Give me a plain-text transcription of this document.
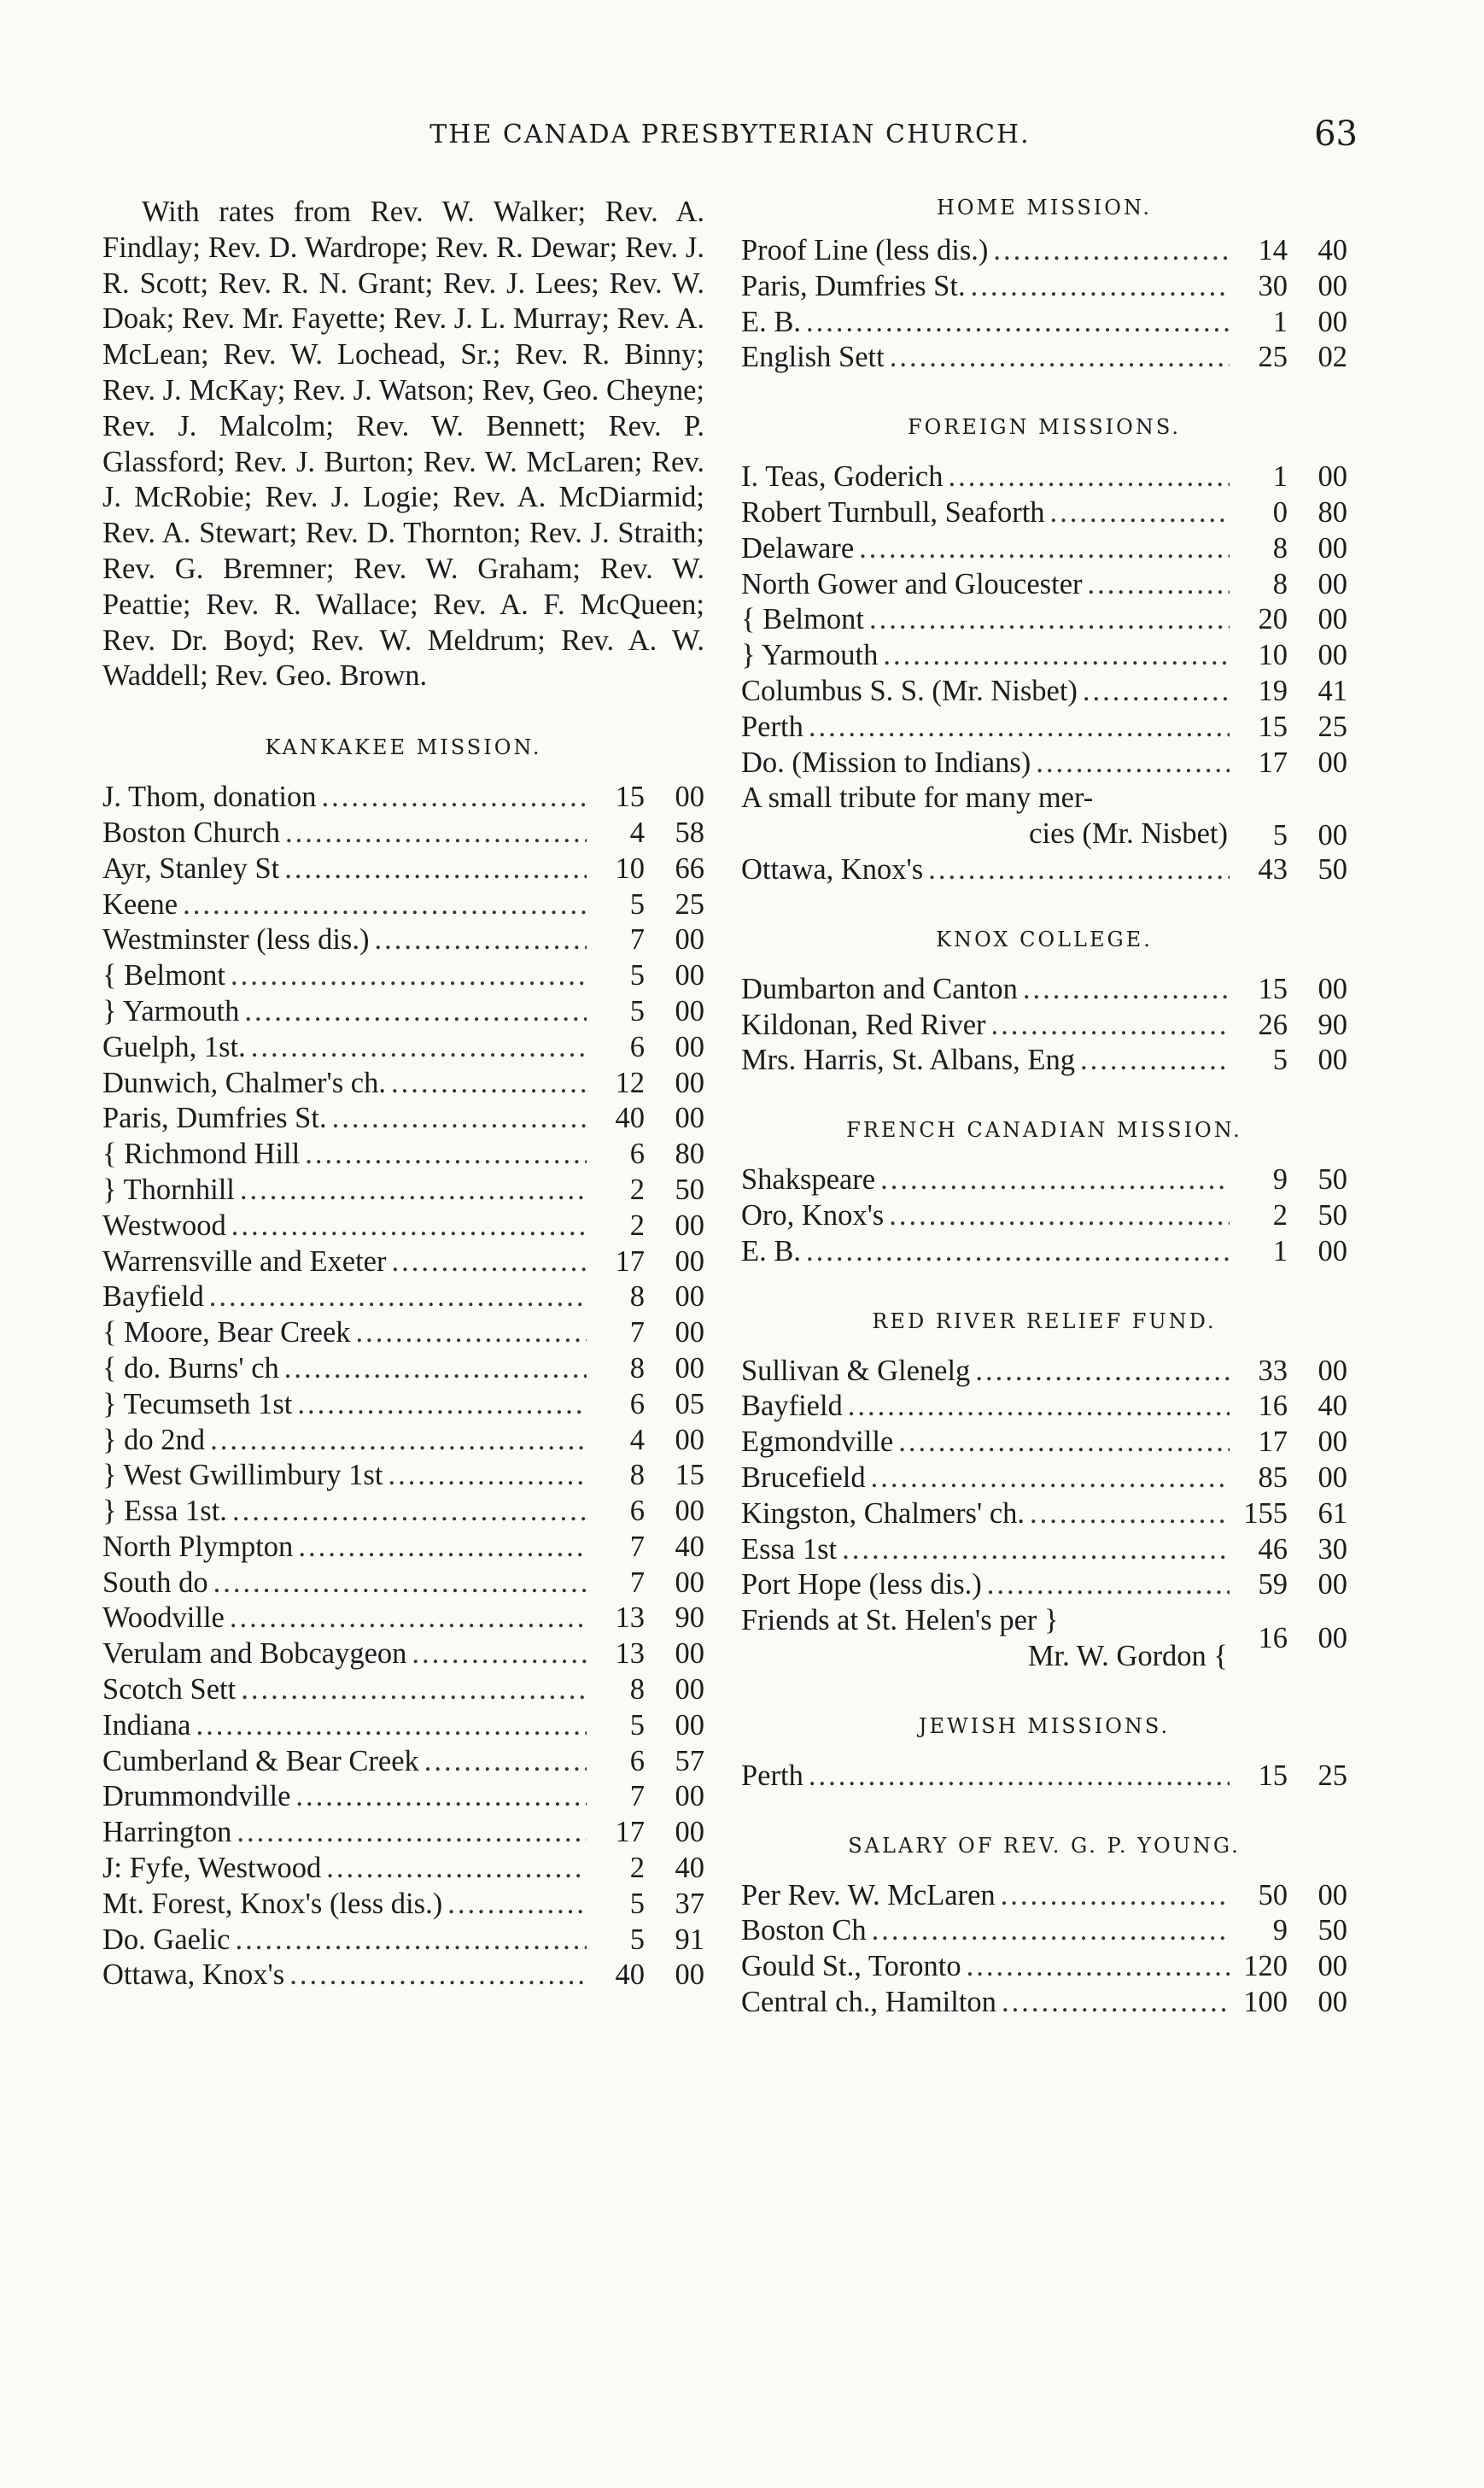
THE CANADA PRESBYTERIAN CHURCH.	63

With rates from Rev. W. Walker; Rev. A. Findlay; Rev. D. Wardrope; Rev. R. Dewar; Rev. J. R. Scott; Rev. R. N. Grant; Rev. J. Lees; Rev. W. Doak; Rev. Mr. Fayette; Rev. J. L. Murray; Rev. A. McLean; Rev. W. Lochead, Sr.; Rev. R. Binny; Rev. J. McKay; Rev. J. Watson; Rev, Geo. Cheyne; Rev. J. Malcolm; Rev. W. Bennett; Rev. P. Glassford; Rev. J. Burton; Rev. W. McLaren; Rev. J. McRobie; Rev. J. Logie; Rev. A. McDiarmid; Rev. A. Stewart; Rev. D. Thornton; Rev. J. Straith; Rev. G. Bremner; Rev. W. Graham; Rev. W. Peattie; Rev. R. Wallace; Rev. A. F. McQueen; Rev. Dr. Boyd; Rev. W. Meldrum; Rev. A. W. Waddell; Rev. Geo. Brown.

KANKAKEE MISSION.
J. Thom, donation .....	15	00
Boston Church .....	4	58
Ayr, Stanley St .....	10	66
Keene .....	5	25
Westminster (less dis.) .....	7	00
{ Belmont .....	5	00
} Yarmouth .....	5	00
Guelph, 1st. .....	6	00
Dunwich, Chalmer's ch. .....	12	00
Paris, Dumfries St. .....	40	00
{ Richmond Hill .....	6	80
} Thornhill .....	2	50
Westwood .....	2	00
Warrensville and Exeter .....	17	00
Bayfield .....	8	00
{ Moore, Bear Creek .....	7	00
{ do. Burns' ch .....	8	00
} Tecumseth 1st .....	6	05
} do 2nd .....	4	00
} West Gwillimbury 1st .....	8	15
} Essa 1st. .....	6	00
North Plympton .....	7	40
South do .....	7	00
Woodville .....	13	90
Verulam and Bobcaygeon .....	13	00
Scotch Sett .....	8	00
Indiana .....	5	00
Cumberland & Bear Creek .....	6	57
Drummondville .....	7	00
Harrington .....	17	00
J: Fyfe, Westwood .....	2	40
Mt. Forest, Knox's (less dis.) .....	5	37
Do. Gaelic .....	5	91
Ottawa, Knox's .....	40	00
HOME MISSION.
Proof Line (less dis.) .....	14	40
Paris, Dumfries St. .....	30	00
E. B. .....	1	00
English Sett .....	25	02
FOREIGN MISSIONS.
I. Teas, Goderich .....	1	00
Robert Turnbull, Seaforth .....	0	80
Delaware .....	8	00
North Gower and Gloucester .....	8	00
{ Belmont .....	20	00
} Yarmouth .....	10	00
Columbus S. S. (Mr. Nisbet) .....	19	41
Perth .....	15	25
Do. (Mission to Indians) .....	17	00
A small tribute for many mer-
cies (Mr. Nisbet)	5	00
Ottawa, Knox's .....	43	50
KNOX COLLEGE.
Dumbarton and Canton .....	15	00
Kildonan, Red River .....	26	90
Mrs. Harris, St. Albans, Eng .....	5	00
FRENCH CANADIAN MISSION.
Shakspeare .....	9	50
Oro, Knox's .....	2	50
E. B. .....	1	00
RED RIVER RELIEF FUND.
Sullivan & Glenelg .....	33	00
Bayfield .....	16	40
Egmondville .....	17	00
Brucefield .....	85	00
Kingston, Chalmers' ch. .....	155	61
Essa 1st .....	46	30
Port Hope (less dis.) .....	59	00
Friends at St. Helen's per }
Mr. W. Gordon {
16	00
JEWISH MISSIONS.
Perth .....	15	25
SALARY OF REV. G. P. YOUNG.
Per Rev. W. McLaren .....	50	00
Boston Ch .....	9	50
Gould St., Toronto .....	120	00
Central ch., Hamilton .....	100	00
